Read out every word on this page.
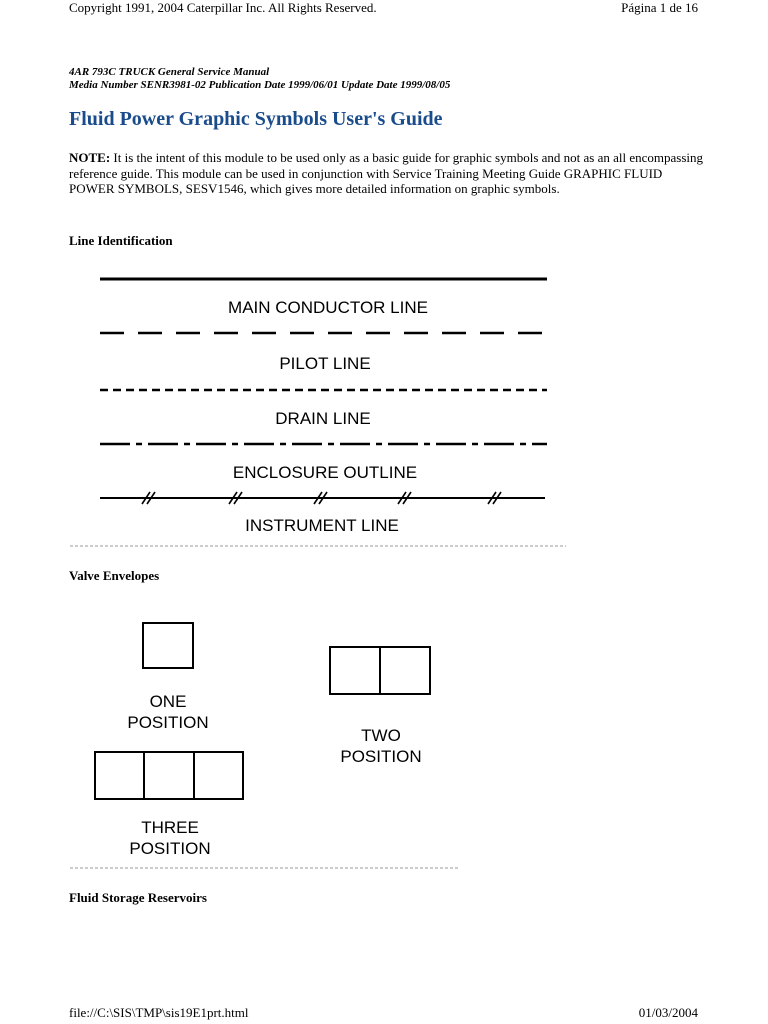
Copyright 1991, 2004 Caterpillar Inc. All Rights Reserved.	Página 1 de 16
4AR 793C TRUCK General Service Manual
Media Number SENR3981-02 Publication Date 1999/06/01 Update Date 1999/08/05
Fluid Power Graphic Symbols User's Guide
NOTE: It is the intent of this module to be used only as a basic guide for graphic symbols and not as an all encompassing reference guide. This module can be used in conjunction with Service Training Meeting Guide GRAPHIC FLUID POWER SYMBOLS, SESV1546, which gives more detailed information on graphic symbols.
Line Identification
MAIN CONDUCTOR LINE
PILOT LINE
DRAIN LINE
ENCLOSURE OUTLINE
INSTRUMENT LINE
ONE
POSITION
TWO
POSITION
THREE
POSITION
Valve Envelopes
Fluid Storage Reservoirs
file://C:\SIS\TMP\sis19E1prt.html	01/03/2004
